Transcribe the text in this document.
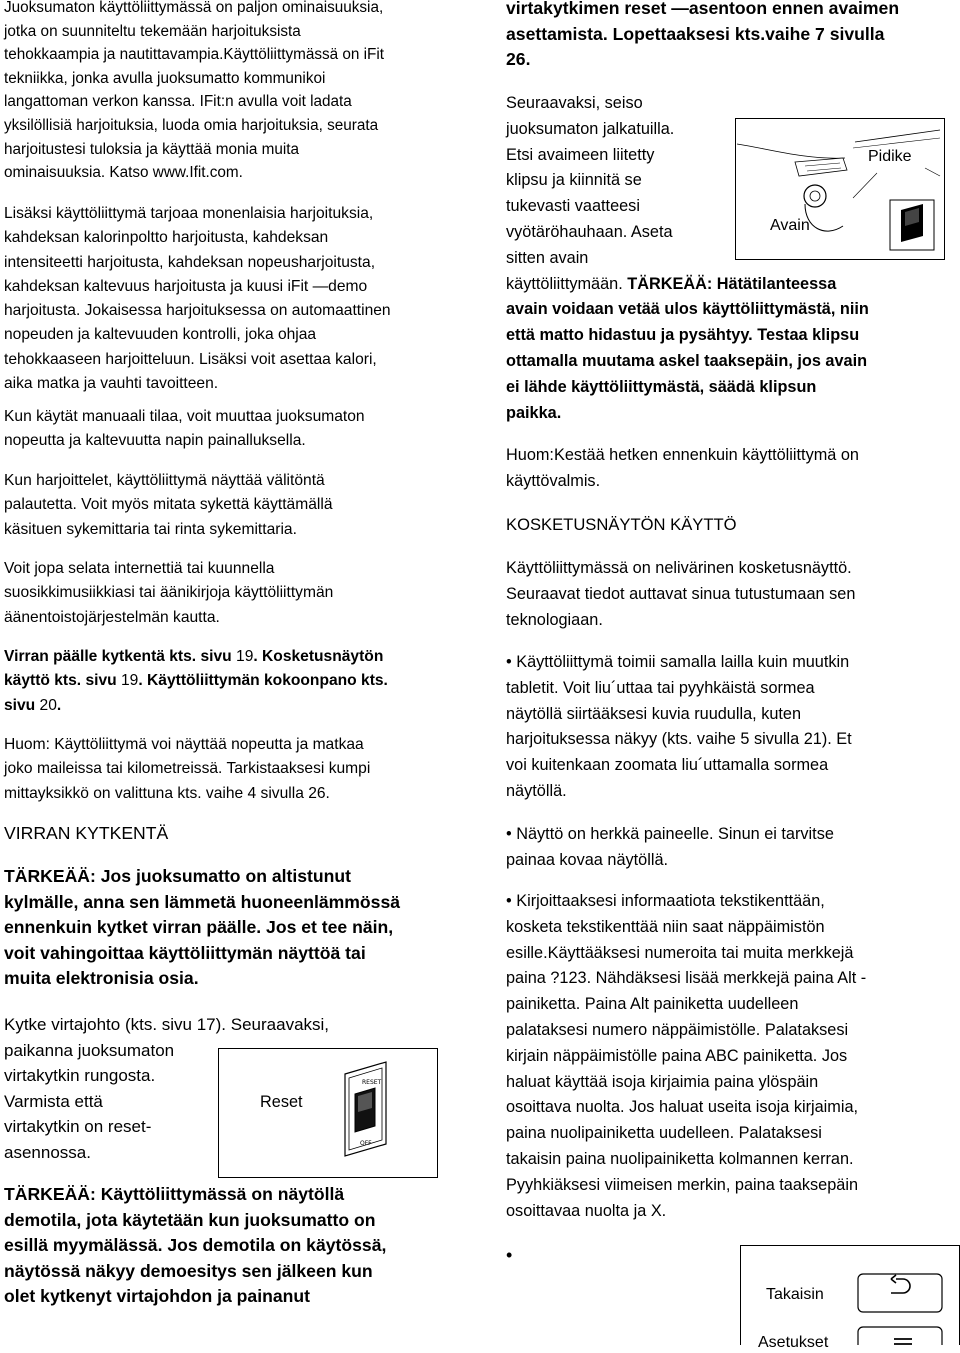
Juoksumaton käyttöliittymässä on paljon ominaisuuksia,

jotka on suunniteltu tekemään harjoituksista

tehokkaampia ja nautittavampia.Käyttöliittymässä on iFit

tekniikka, jonka avulla juoksumatto kommunikoi

langattoman verkon kanssa. IFit:n avulla voit ladata

yksilöllisiä harjoituksia, luoda omia harjoituksia, seurata

harjoitustesi tuloksia ja käyttää monia muita

ominaisuuksia. Katso www.Ifit.com.

Lisäksi käyttöliittymä tarjoaa monenlaisia harjoituksia,

kahdeksan kalorinpoltto harjoitusta, kahdeksan

intensiteetti harjoitusta, kahdeksan nopeusharjoitusta,

kahdeksan kaltevuus harjoitusta ja kuusi iFit —demo

harjoitusta. Jokaisessa harjoituksessa on automaattinen

nopeuden ja kaltevuuden kontrolli, joka ohjaa

tehokkaaseen harjoitteluun. Lisäksi voit asettaa kalori,

aika matka ja vauhti tavoitteen.

Kun käytät manuaali tilaa, voit muuttaa juoksumaton

nopeutta ja kaltevuutta napin painalluksella.

Kun harjoittelet, käyttöliittymä näyttää välitöntä

palautetta. Voit myös mitata sykettä käyttämällä

käsituen sykemittaria tai rinta sykemittaria.

Voit jopa selata internettiä tai kuunnella

suosikkimusiikkiasi tai äänikirjoja käyttöliittymän

äänentoistojärjestelmän kautta.

Virran päälle kytkentä kts. sivu 19. Kosketusnäytön

käyttö kts. sivu 19. Käyttöliittymän kokoonpano kts.

sivu 20.

Huom: Käyttöliittymä voi näyttää nopeutta ja matkaa

joko maileissa tai kilometreissä. Tarkistaaksesi kumpi

mittayksikkö on valittuna kts. vaihe 4 sivulla 26.

VIRRAN KYTKENTÄ

TÄRKEÄÄ: Jos juoksumatto on altistunut

kylmälle, anna sen lämmetä huoneenlämmössä

ennenkuin kytket virran päälle. Jos et tee näin,

voit vahingoittaa käyttöliittymän näyttöä tai

muita elektronisia osia.

Kytke virtajohto (kts. sivu 17). Seuraavaksi,

paikanna juoksumaton

virtakytkin rungosta.

Varmista että

virtakytkin on reset-

asennossa.

TÄRKEÄÄ: Käyttöliittymässä on näytöllä

demotila, jota käytetään kun juoksumatto on

esillä myymälässä. Jos demotila on käytössä,

näytössä näkyy demoesitys sen jälkeen kun

olet kytkenyt virtajohdon ja painanut

RESET
OFF
Reset

virtakytkimen reset —asentoon ennen avaimen

asettamista. Lopettaaksesi kts.vaihe 7 sivulla

26.

Seuraavaksi, seiso

juoksumaton jalkatuilla.

Etsi avaimeen liitetty

klipsu ja kiinnitä se

tukevasti vaatteesi

vyötäröhauhaan. Aseta

sitten avain

käyttöliittymään. TÄRKEÄÄ: Hätätilanteessa

avain voidaan vetää ulos käyttöliittymästä, niin

että matto hidastuu ja pysähtyy. Testaa klipsu

ottamalla muutama askel taaksepäin, jos avain

ei lähde käyttöliittymästä, säädä klipsun

paikka.

Huom:Kestää hetken ennenkuin käyttöliittymä on

käyttövalmis.

KOSKETUSNÄYTÖN KÄYTTÖ

Käyttöliittymässä on nelivärinen kosketusnäyttö.

Seuraavat tiedot auttavat sinua tutustumaan sen

teknologiaan.

• Käyttöliittymä toimii samalla lailla kuin muutkin

tabletit. Voit liu´uttaa tai pyyhkäistä sormea

näytöllä siirtääksesi kuvia ruudulla, kuten

harjoituksessa näkyy (kts. vaihe 5 sivulla 21). Et

voi kuitenkaan zoomata liu´uttamalla sormea

näytöllä.

• Näyttö on herkkä paineelle. Sinun ei tarvitse

painaa kovaa näytöllä.

• Kirjoittaaksesi informaatiota tekstikenttään,

kosketa tekstikenttää niin saat näppäimistön

esille.Käyttääksesi numeroita tai muita merkkejä

paina ?123. Nähdäksesi lisää merkkejä paina Alt -

painiketta. Paina Alt painiketta uudelleen

palataksesi numero näppäimistölle. Palataksesi

kirjain näppäimistölle paina ABC painiketta. Jos

haluat käyttää isoja kirjaimia paina ylöspäin

osoittava nuolta. Jos haluat useita isoja kirjaimia,

paina nuolipainiketta uudelleen. Palataksesi

takaisin paina nuolipainiketta kolmannen kerran.

Pyyhkiäksesi viimeisen merkin, paina taaksepäin

osoittavaa nuolta ja X.

•
Pidike
Avain
Takaisin
Asetukset
